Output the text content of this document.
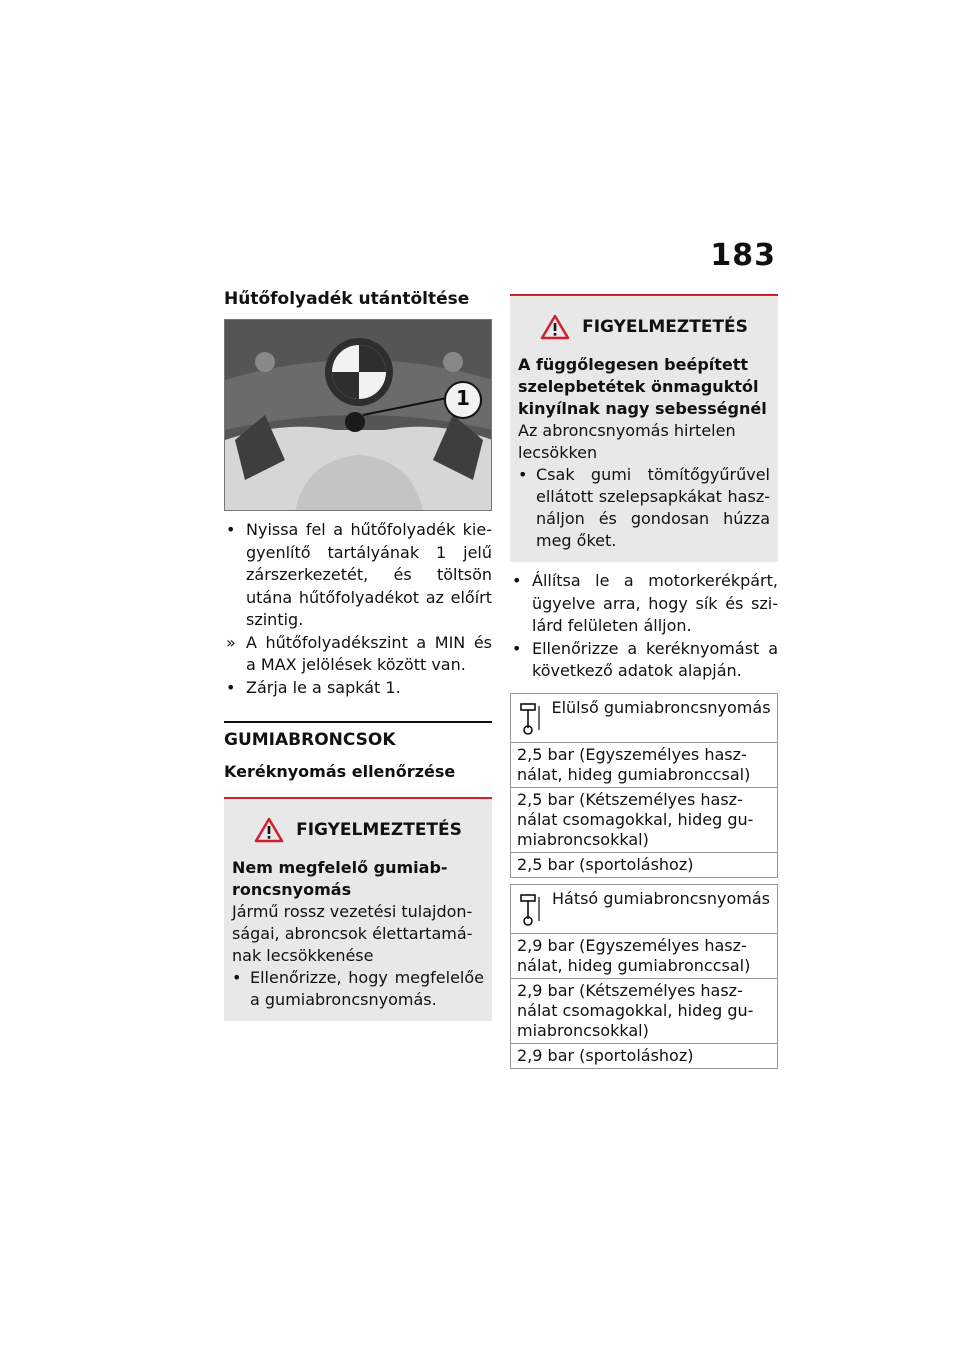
183
Hűtőfolyadék utántöltése
1
• Nyissa fel a hűtőfolyadék kiegyenlítő tartályának 1 jelű zárszerkezetét, és töltsön utána hűtőfolyadékot az előírt szintig.
» A hűtőfolyadékszint a MIN és a MAX jelölések között van.
• Zárja le a sapkát 1.
GUMIABRONCSOK
Keréknyomás ellenőrzése
FIGYELMEZTETÉS
Nem megfelelő gumiabroncsnyomás
Jármű rossz vezetési tulajdonságai, abroncsok élettartamának lecsökkenése
• Ellenőrizze, hogy megfelelőe a gumiabroncsnyomás.
FIGYELMEZTETÉS
A függőlegesen beépített szelepbetétek önmaguktól kinyílnak nagy sebességnél
Az abroncsnyomás hirtelen lecsökken
• Csak gumi tömítőgyűrűvel ellátott szelepsapkákat használjon és gondosan húzza meg őket.
• Állítsa le a motorkerékpárt, ügyelve arra, hogy sík és szilárd felületen álljon.
• Ellenőrizze a keréknyomást a következő adatok alapján.
Elülső gumiabroncsnyomás

2,5 bar (Egyszemélyes használat, hideg gumiabronccsal)
2,5 bar (Kétszemélyes használat csomagokkal, hideg gumiabroncsokkal)
2,5 bar (sportoláshoz)
Hátsó gumiabroncsnyomás

2,9 bar (Egyszemélyes használat, hideg gumiabronccsal)
2,9 bar (Kétszemélyes használat csomagokkal, hideg gumiabroncsokkal)
2,9 bar (sportoláshoz)
